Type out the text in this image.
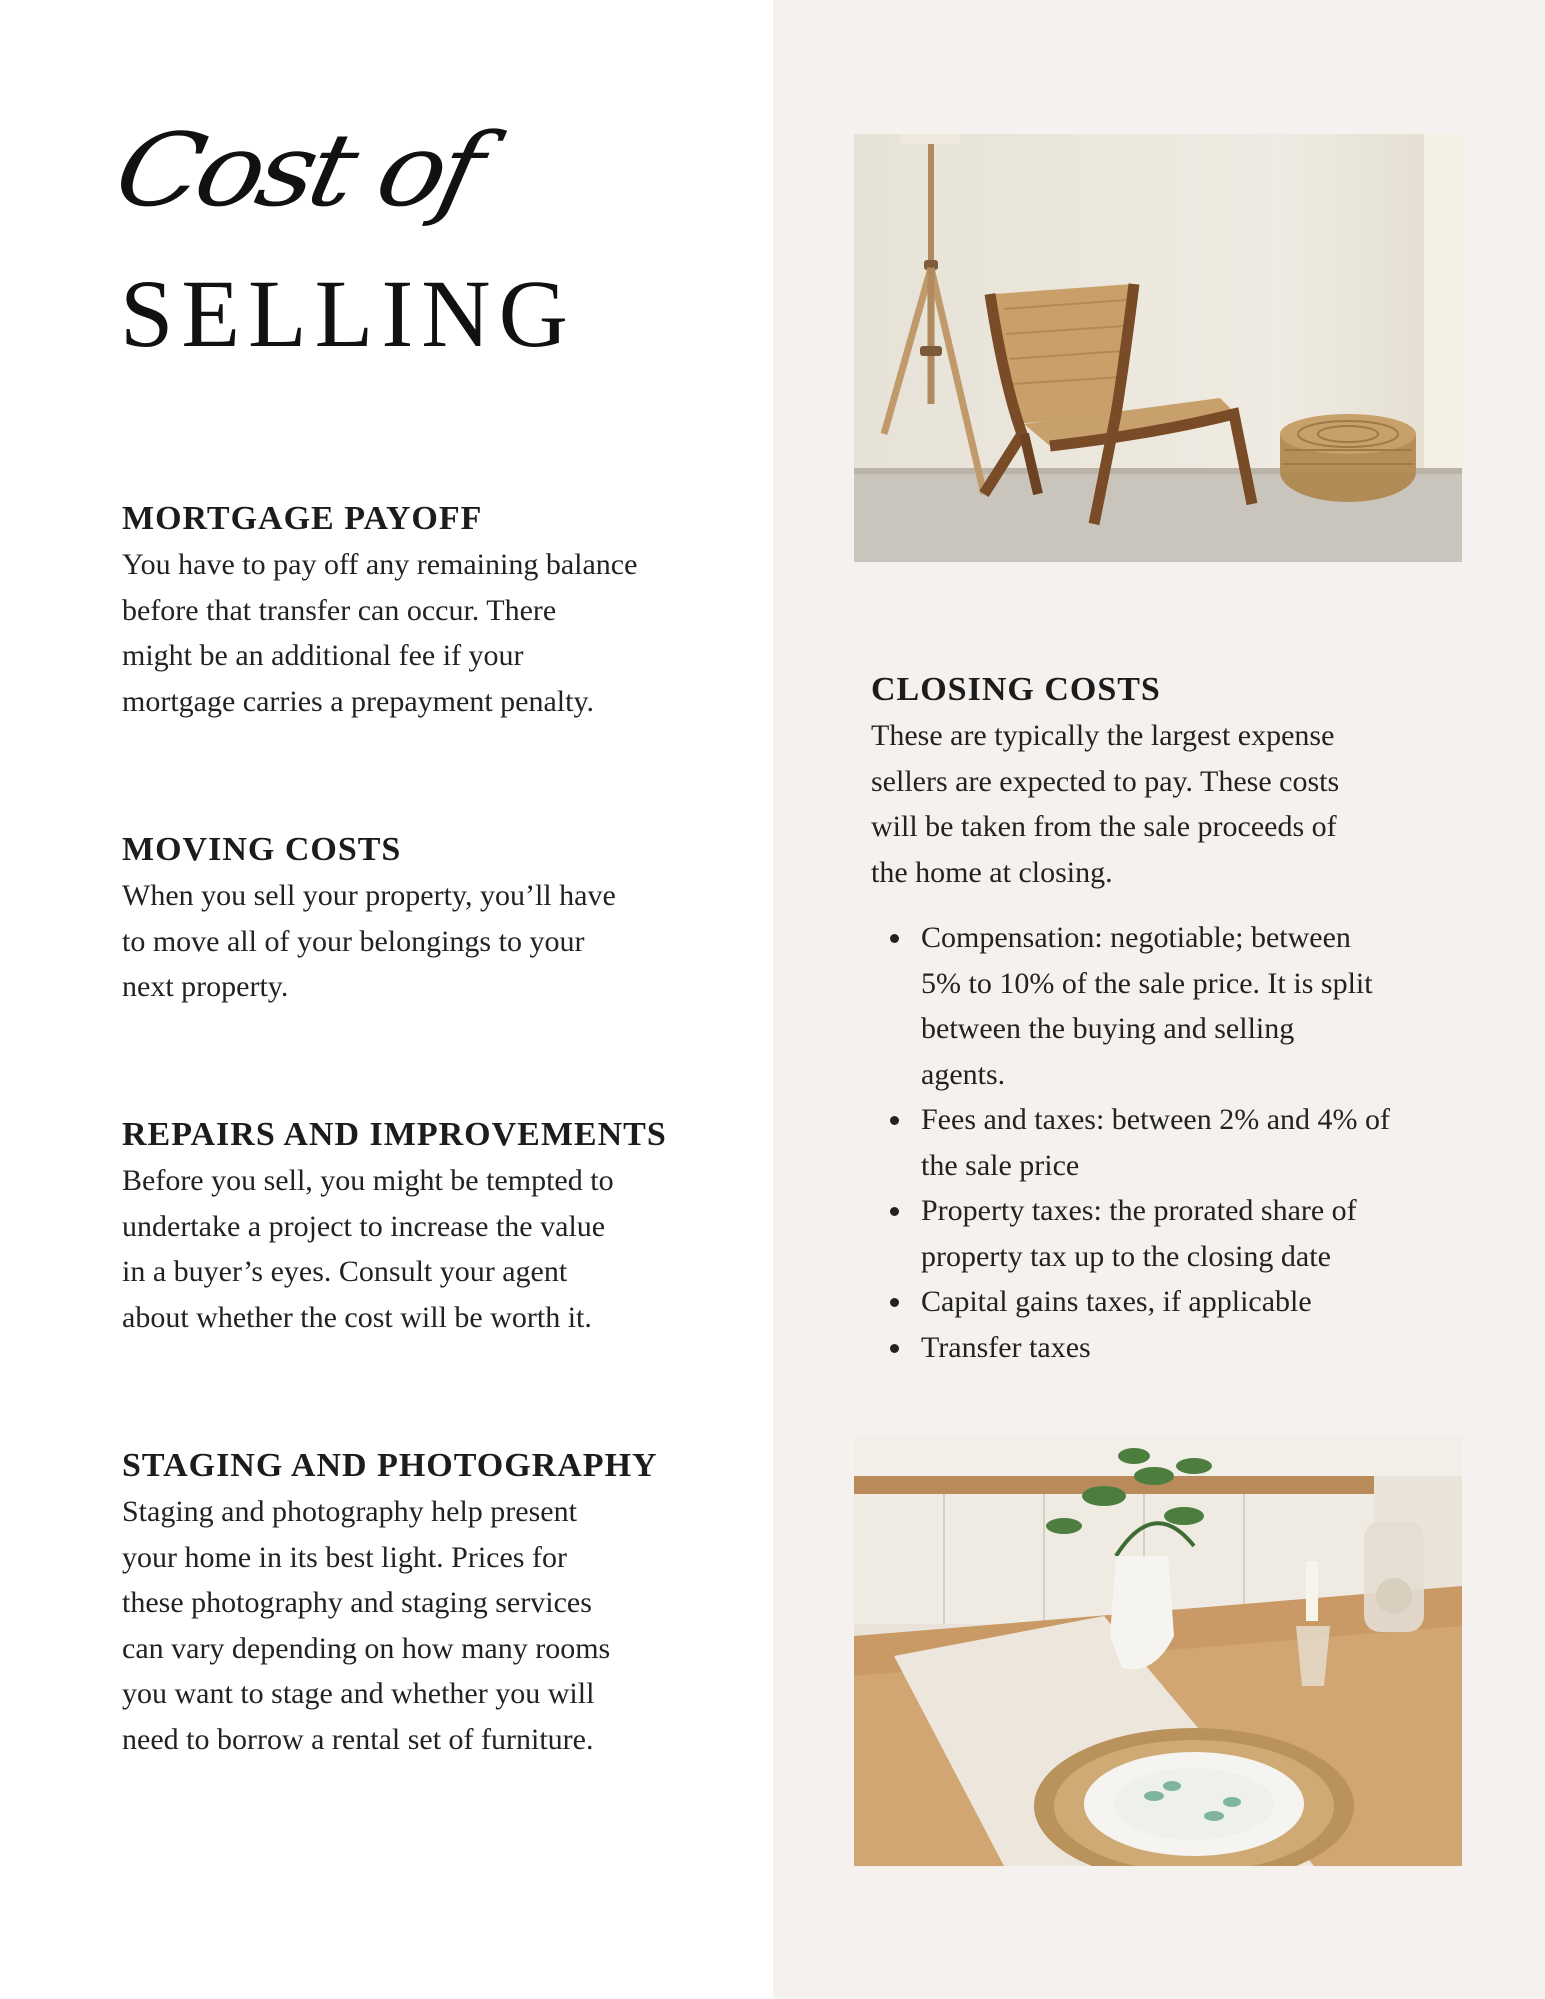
Cost of
SELLING
MORTGAGE PAYOFF

You have to pay off any remaining balance
before that transfer can occur. There
might be an additional fee if your
mortgage carries a prepayment penalty.

MOVING COSTS

When you sell your property, you’ll have
to move all of your belongings to your
next property.

REPAIRS AND IMPROVEMENTS

Before you sell, you might be tempted to
undertake a project to increase the value
in a buyer’s eyes. Consult your agent
about whether the cost will be worth it.

STAGING AND PHOTOGRAPHY

Staging and photography help present
your home in its best light. Prices for
these photography and staging services
can vary depending on how many rooms
you want to stage and whether you will
need to borrow a rental set of furniture.

CLOSING COSTS

These are typically the largest expense
sellers are expected to pay. These costs
will be taken from the sale proceeds of
the home at closing.

Compensation: negotiable; between
5% to 10% of the sale price. It is split
between the buying and selling
agents.
Fees and taxes: between 2% and 4% of
the sale price
Property taxes: the prorated share of
property tax up to the closing date
Capital gains taxes, if applicable
Transfer taxes
